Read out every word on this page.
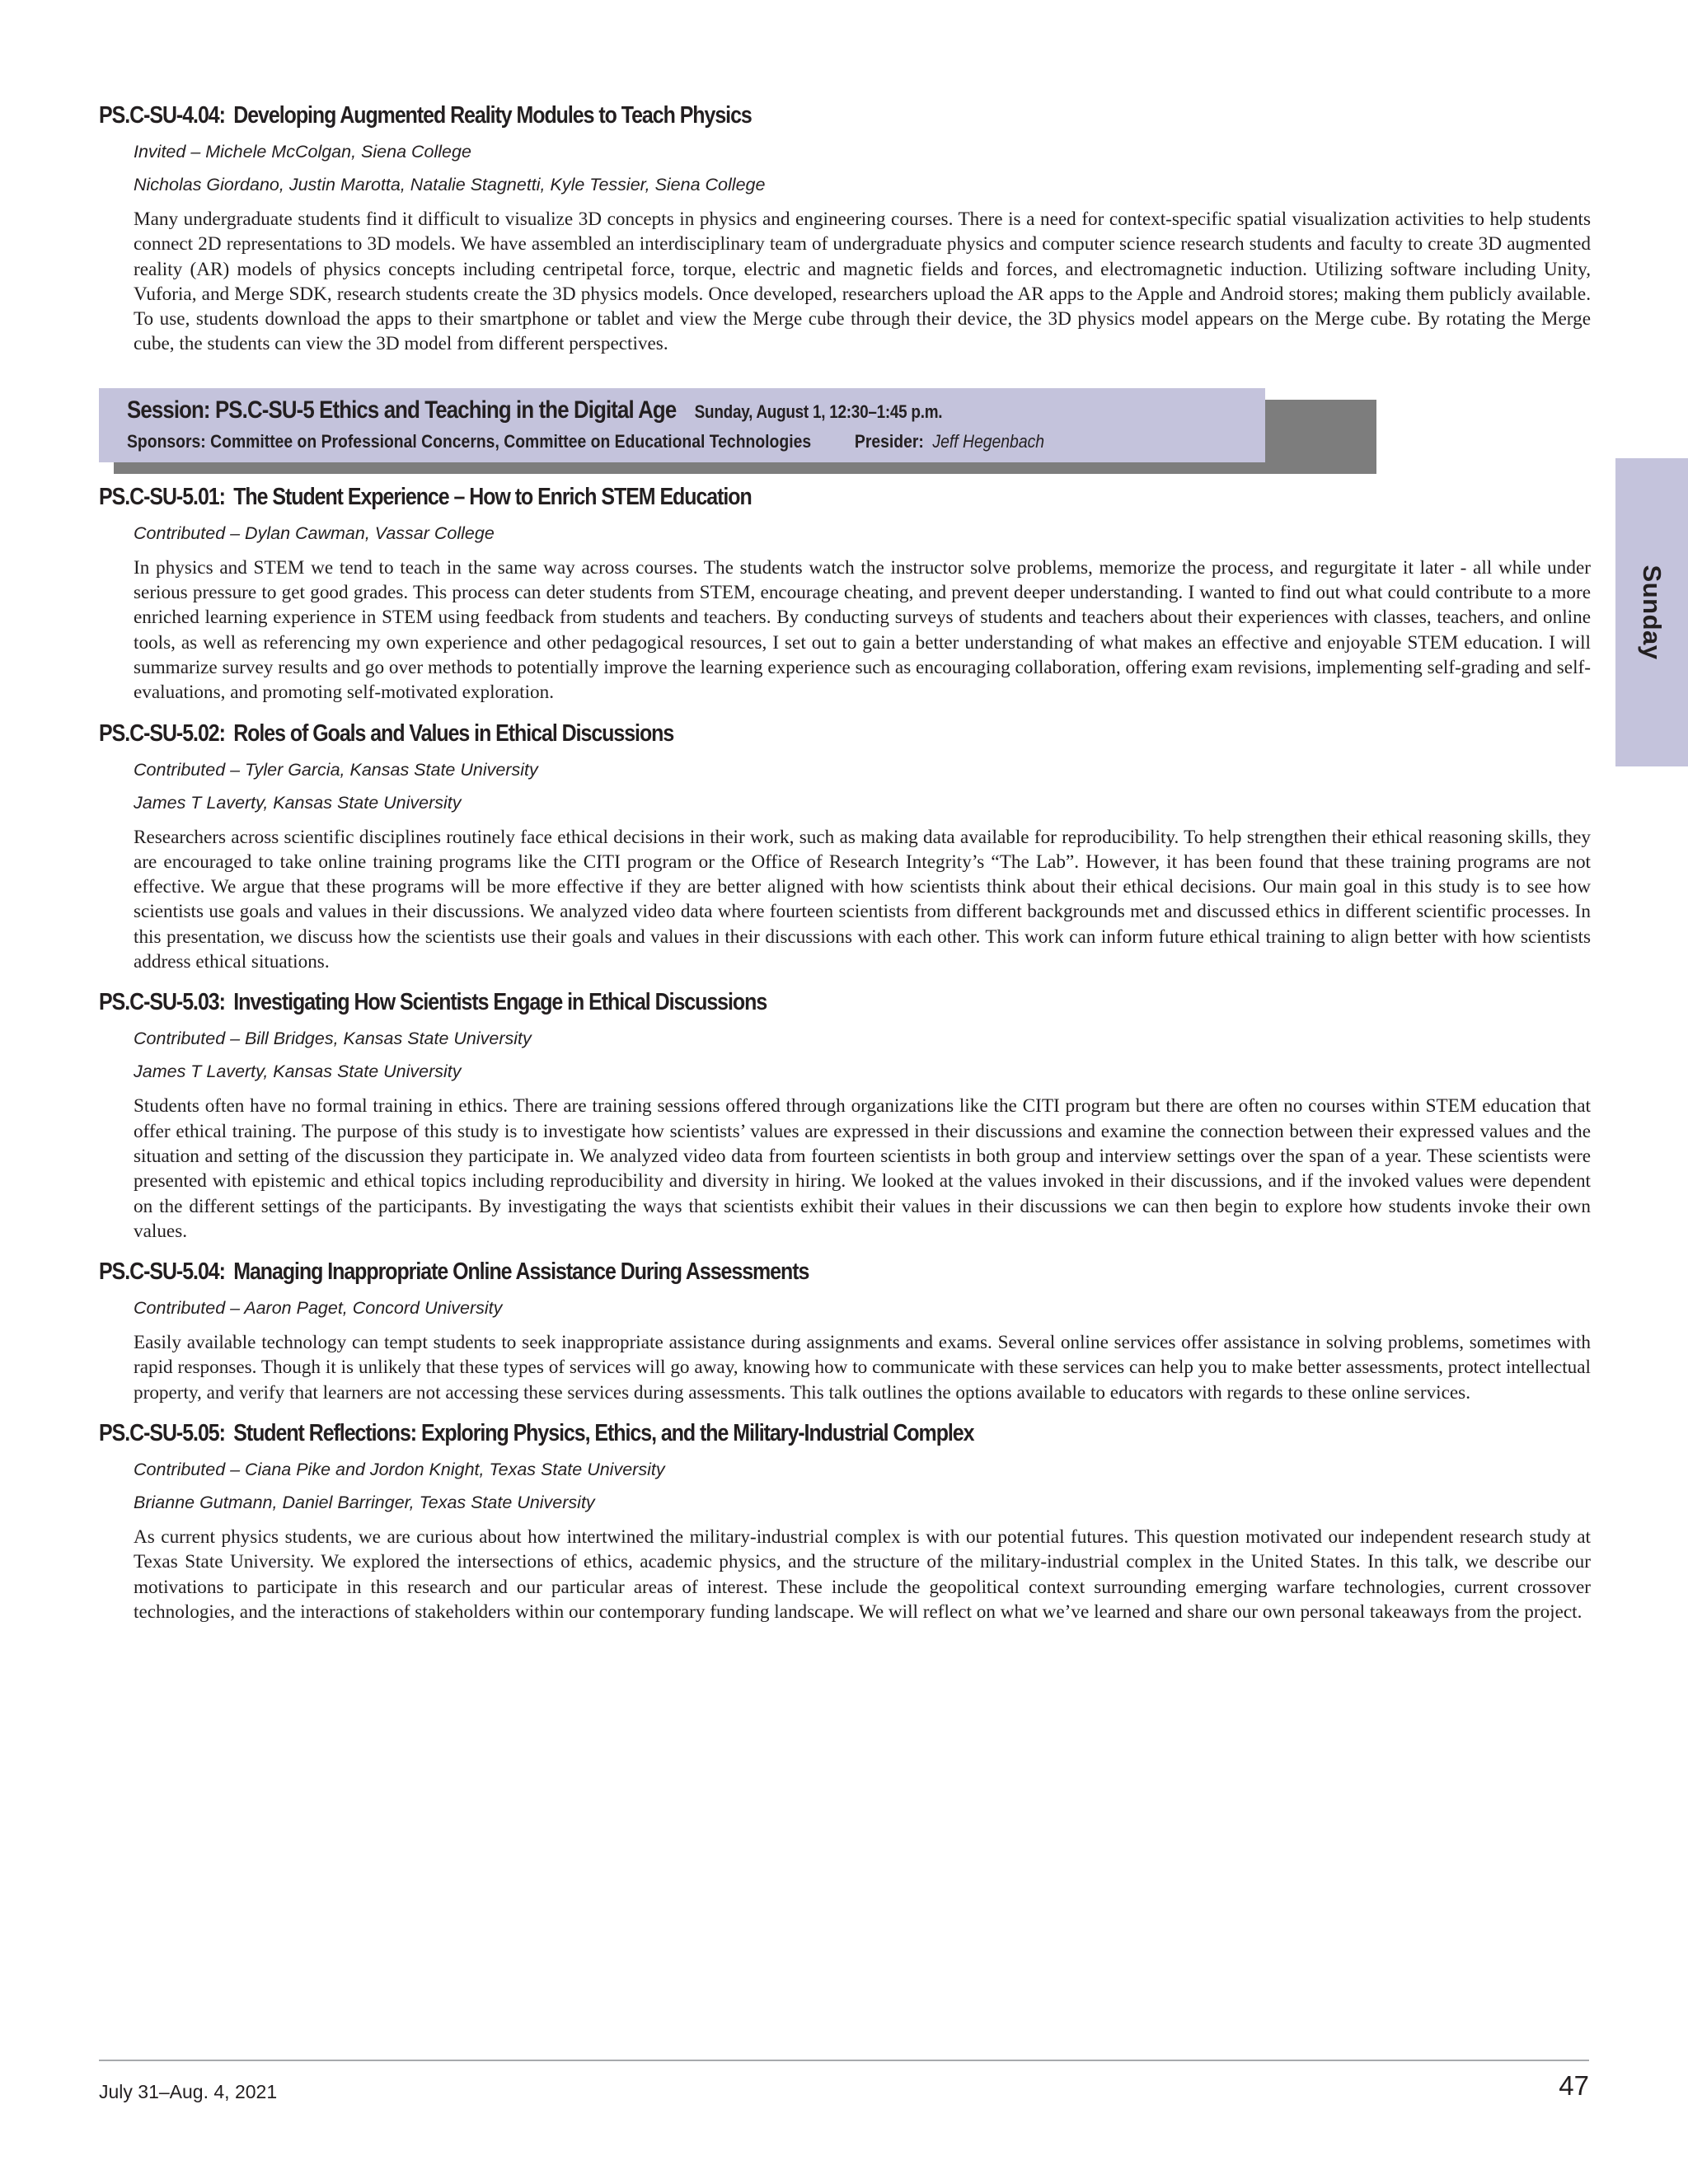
PS.C-SU-4.04: Developing Augmented Reality Modules to Teach Physics
Invited – Michele McColgan, Siena College
Nicholas Giordano, Justin Marotta, Natalie Stagnetti, Kyle Tessier, Siena College
Many undergraduate students find it difficult to visualize 3D concepts in physics and engineering courses. There is a need for context-specific spatial visualization activities to help students connect 2D representations to 3D models. We have assembled an interdisciplinary team of undergraduate physics and computer science research students and faculty to create 3D augmented reality (AR) models of physics concepts including centripetal force, torque, electric and magnetic fields and forces, and electromagnetic induction. Utilizing software including Unity, Vuforia, and Merge SDK, research students create the 3D physics models. Once developed, researchers upload the AR apps to the Apple and Android stores; making them publicly available. To use, students download the apps to their smartphone or tablet and view the Merge cube through their device, the 3D physics model appears on the Merge cube. By rotating the Merge cube, the students can view the 3D model from different perspectives.
Session: PS.C-SU-5 Ethics and Teaching in the Digital Age Sunday, August 1, 12:30–1:45 p.m.
Sponsors: Committee on Professional Concerns, Committee on Educational Technologies Presider: Jeff Hegenbach
PS.C-SU-5.01: The Student Experience – How to Enrich STEM Education
Contributed – Dylan Cawman, Vassar College
In physics and STEM we tend to teach in the same way across courses. The students watch the instructor solve problems, memorize the process, and regurgitate it later - all while under serious pressure to get good grades. This process can deter students from STEM, encourage cheating, and prevent deeper understanding. I wanted to find out what could contribute to a more enriched learning experience in STEM using feedback from students and teachers. By conducting surveys of students and teachers about their experiences with classes, teachers, and online tools, as well as referencing my own experience and other pedagogical resources, I set out to gain a better understanding of what makes an effective and enjoyable STEM education. I will summarize survey results and go over methods to potentially improve the learning experience such as encouraging collaboration, offering exam revisions, implementing self-grading and self-evaluations, and promoting self-motivated exploration.
PS.C-SU-5.02: Roles of Goals and Values in Ethical Discussions
Contributed – Tyler Garcia, Kansas State University
James T Laverty, Kansas State University
Researchers across scientific disciplines routinely face ethical decisions in their work, such as making data available for reproducibility. To help strengthen their ethical reasoning skills, they are encouraged to take online training programs like the CITI program or the Office of Research Integrity’s “The Lab”. However, it has been found that these training programs are not effective. We argue that these programs will be more effective if they are better aligned with how scientists think about their ethical decisions. Our main goal in this study is to see how scientists use goals and values in their discussions. We analyzed video data where fourteen scientists from different backgrounds met and discussed ethics in different scientific processes. In this presentation, we discuss how the scientists use their goals and values in their discussions with each other. This work can inform future ethical training to align better with how scientists address ethical situations.
PS.C-SU-5.03: Investigating How Scientists Engage in Ethical Discussions
Contributed – Bill Bridges, Kansas State University
James T Laverty, Kansas State University
Students often have no formal training in ethics. There are training sessions offered through organizations like the CITI program but there are often no courses within STEM education that offer ethical training. The purpose of this study is to investigate how scientists’ values are expressed in their discussions and examine the connection between their expressed values and the situation and setting of the discussion they participate in. We analyzed video data from fourteen scientists in both group and interview settings over the span of a year. These scientists were presented with epistemic and ethical topics including reproducibility and diversity in hiring. We looked at the values invoked in their discussions, and if the invoked values were dependent on the different settings of the participants. By investigating the ways that scientists exhibit their values in their discussions we can then begin to explore how students invoke their own values.
PS.C-SU-5.04: Managing Inappropriate Online Assistance During Assessments
Contributed – Aaron Paget, Concord University
Easily available technology can tempt students to seek inappropriate assistance during assignments and exams. Several online services offer assistance in solving problems, sometimes with rapid responses. Though it is unlikely that these types of services will go away, knowing how to communicate with these services can help you to make better assessments, protect intellectual property, and verify that learners are not accessing these services during assessments. This talk outlines the options available to educators with regards to these online services.
PS.C-SU-5.05: Student Reflections: Exploring Physics, Ethics, and the Military-Industrial Complex
Contributed – Ciana Pike and Jordon Knight, Texas State University
Brianne Gutmann, Daniel Barringer, Texas State University
As current physics students, we are curious about how intertwined the military-industrial complex is with our potential futures. This question motivated our independent research study at Texas State University. We explored the intersections of ethics, academic physics, and the structure of the military-industrial complex in the United States. In this talk, we describe our motivations to participate in this research and our particular areas of interest. These include the geopolitical context surrounding emerging warfare technologies, current crossover technologies, and the interactions of stakeholders within our contemporary funding landscape. We will reflect on what we’ve learned and share our own personal takeaways from the project.
Sunday
July 31–Aug. 4, 2021	47
